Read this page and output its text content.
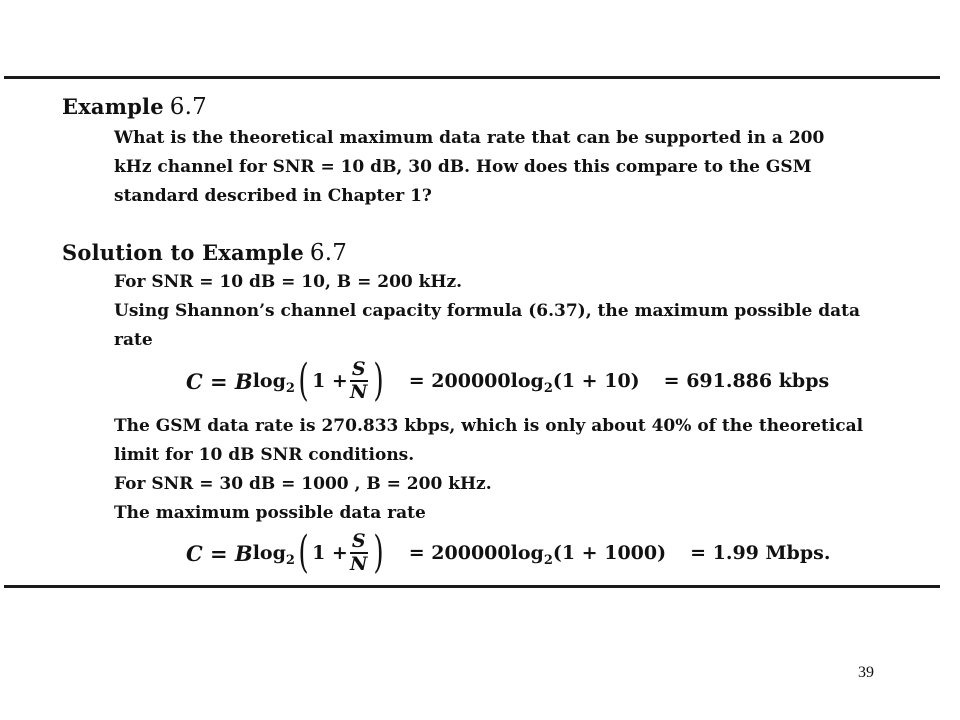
Example 6.7
What is the theoretical maximum data rate that can be supported in a 200
kHz channel for SNR = 10 dB, 30 dB. How does this compare to the GSM
standard described in Chapter 1?
Solution to Example 6.7
For SNR = 10 dB = 10, B = 200 kHz.
Using Shannon’s channel capacity formula (6.37), the maximum possible data
rate
C = B log 2 ( $1 + \frac{S}{N}$ ) = 200000log 2 (1 + 10) = 691.886 kbps
The GSM data rate is 270.833 kbps, which is only about 40% of the theoretical
limit for 10 dB SNR conditions.
For SNR = 30 dB = 1000 , B = 200 kHz.
The maximum possible data rate
C = B log 2 ( $1 + \frac{S}{N}$ ) = 200000log 2 (1 + 1000) = 1.99 Mbps.
39
